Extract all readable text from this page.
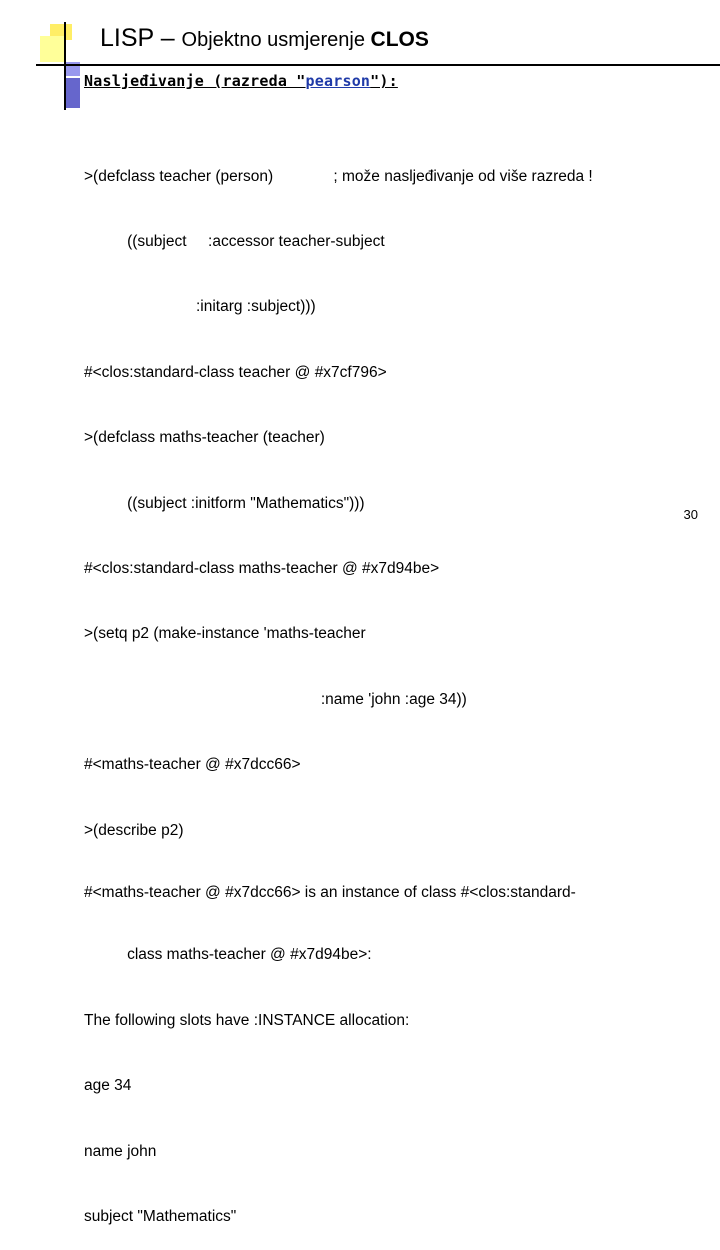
LISP – Objektno usmjerenje CLOS
Nasljeđivanje (razreda "pearson"):

>(defclass teacher (person)              ; može nasljeđivanje od više razreda !

((subject     :accessor teacher-subject

:initarg :subject)))

#<clos:standard-class teacher @ #x7cf796>

>(defclass maths-teacher (teacher)

((subject :initform "Mathematics")))

#<clos:standard-class maths-teacher @ #x7d94be>

>(setq p2 (make-instance 'maths-teacher

:name 'john :age 34))

#<maths-teacher @ #x7dcc66>

>(describe p2)

#<maths-teacher @ #x7dcc66> is an instance of class #<clos:standard-

class maths-teacher @ #x7d94be>:

The following slots have :INSTANCE allocation:

age 34

name john

subject "Mathematics"

30
